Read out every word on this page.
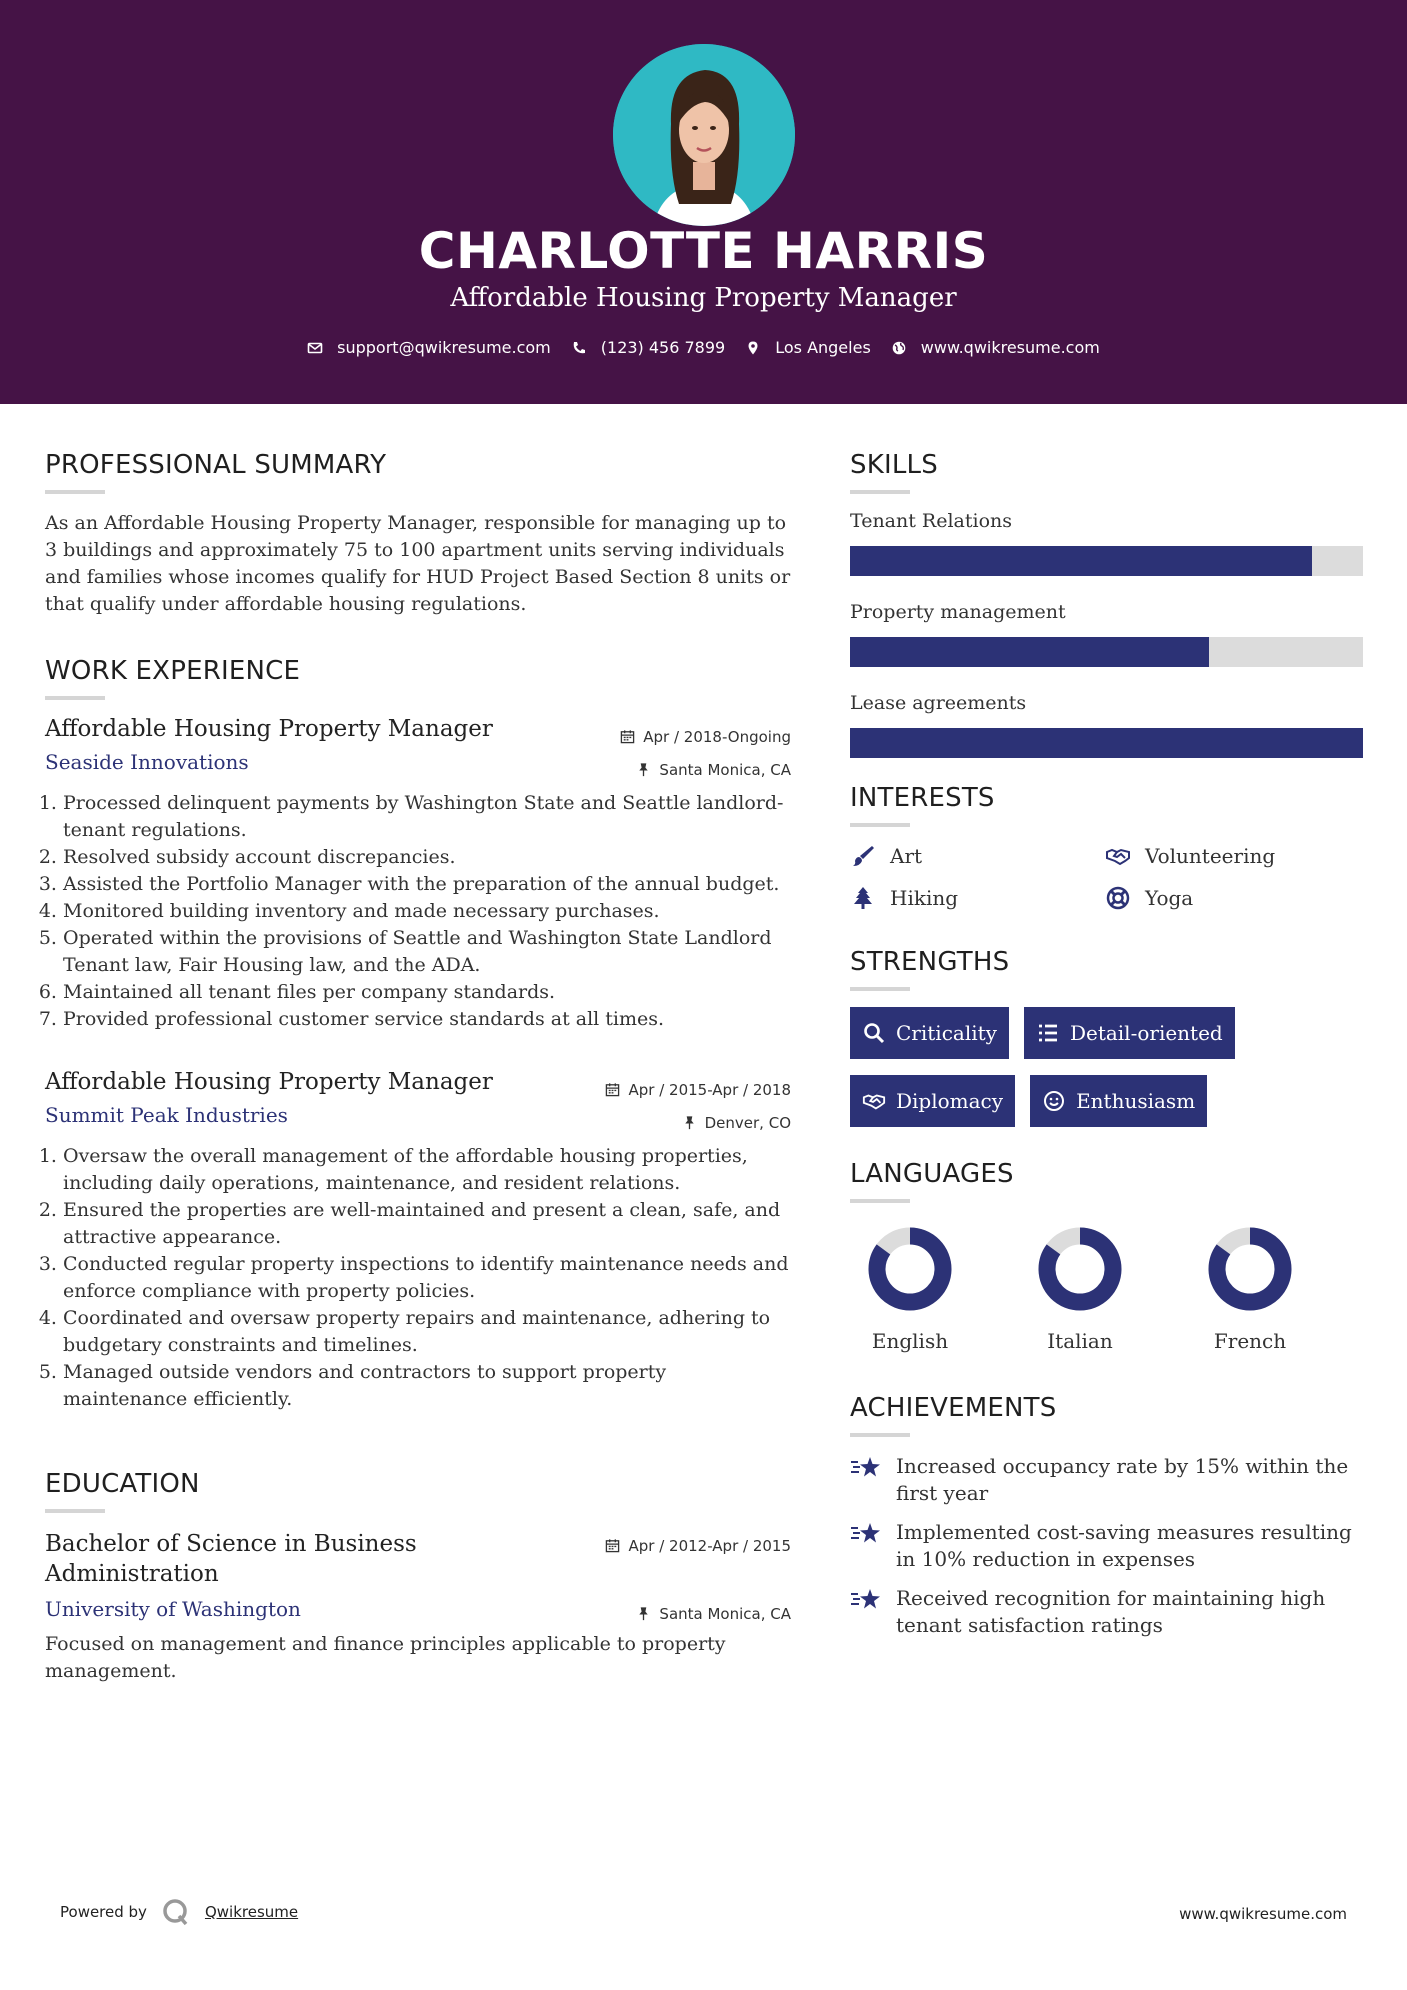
CHARLOTTE HARRIS
Affordable Housing Property Manager
support@qwikresume.com	(123) 456 7899	Los Angeles	www.qwikresume.com
PROFESSIONAL SUMMARY

As an Affordable Housing Property Manager, responsible for managing up to 3 buildings and approximately 75 to 100 apartment units serving individuals and families whose incomes qualify for HUD Project Based Section 8 units or that qualify under affordable housing regulations.

WORK EXPERIENCE
Affordable Housing Property Manager	Apr / 2018-Ongoing
Santa Monica, CA
Seaside Innovations
1. Processed delinquent payments by Washington State and Seattle landlord-tenant regulations.
2. Resolved subsidy account discrepancies.
3. Assisted the Portfolio Manager with the preparation of the annual budget.
4. Monitored building inventory and made necessary purchases.
5. Operated within the provisions of Seattle and Washington State Landlord Tenant law, Fair Housing law, and the ADA.
6. Maintained all tenant files per company standards.
7. Provided professional customer service standards at all times.
Affordable Housing Property Manager	Apr / 2015-Apr / 2018
Denver, CO
Summit Peak Industries
1. Oversaw the overall management of the affordable housing properties, including daily operations, maintenance, and resident relations.
2. Ensured the properties are well-maintained and present a clean, safe, and attractive appearance.
3. Conducted regular property inspections to identify maintenance needs and enforce compliance with property policies.
4. Coordinated and oversaw property repairs and maintenance, adhering to budgetary constraints and timelines.
5. Managed outside vendors and contractors to support property maintenance efficiently.
EDUCATION
Bachelor of Science in Business Administration
Apr / 2012-Apr / 2015
Santa Monica, CA
University of Washington

Focused on management and finance principles applicable to property management.

SKILLS
Tenant Relations
Property management
Lease agreements
INTERESTS
Art	Volunteering
Hiking	Yoga
STRENGTHS
Criticality	Detail-oriented
Diplomacy	Enthusiasm
LANGUAGES
English	Italian	French
ACHIEVEMENTS
Increased occupancy rate by 15% within the first year
Implemented cost-saving measures resulting in 10% reduction in expenses
Received recognition for maintaining high tenant satisfaction ratings
Powered by	Qwikresume	www.qwikresume.com
